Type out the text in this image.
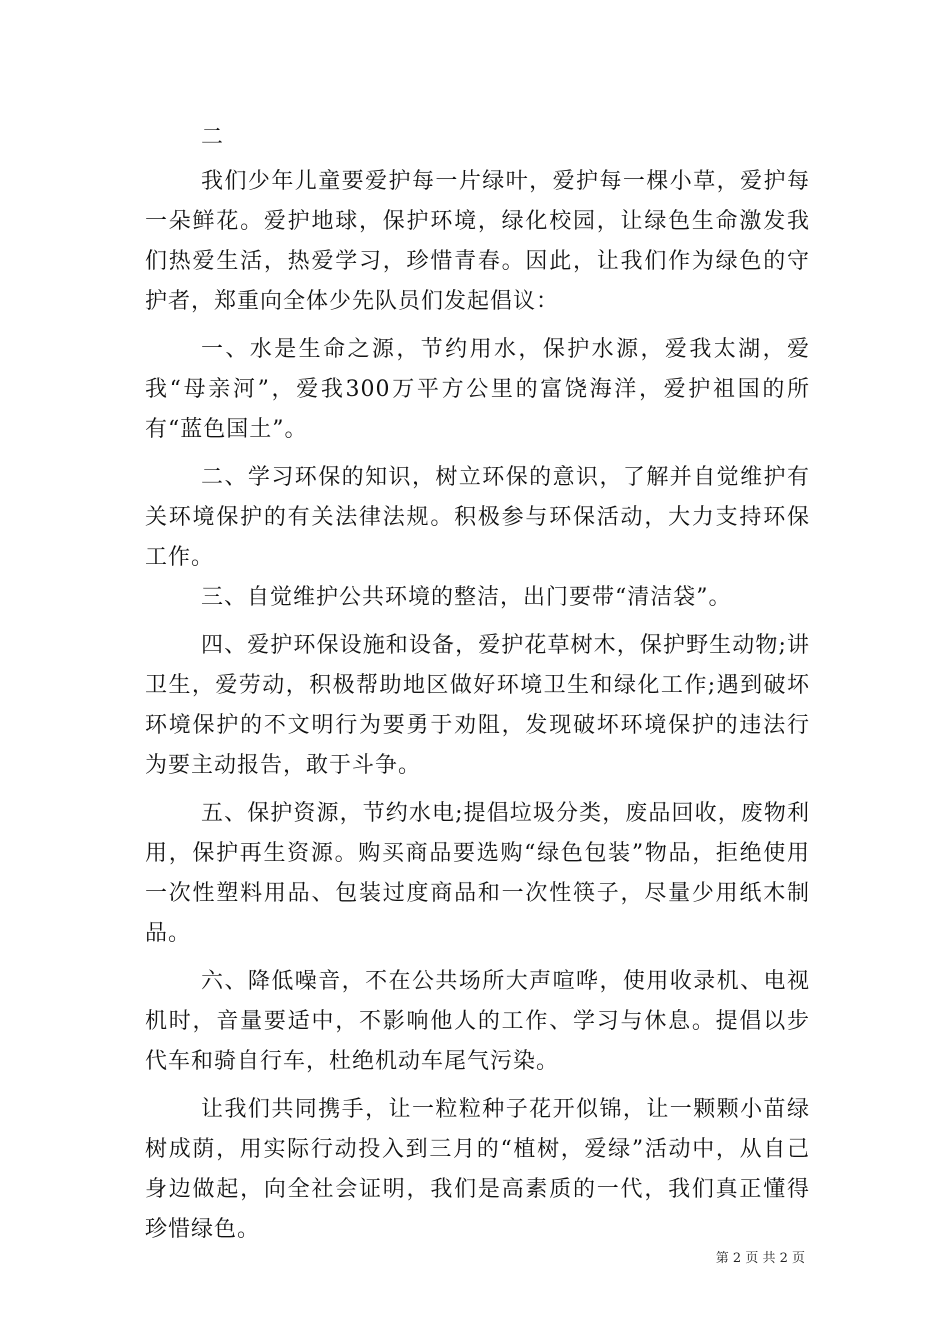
二

我们少年儿童要爱护每一片绿叶，爱护每一棵小草，爱护每一朵鲜花。爱护地球，保护环境，绿化校园，让绿色生命激发我们热爱生活，热爱学习，珍惜青春。因此，让我们作为绿色的守护者，郑重向全体少先队员们发起倡议：

一、水是生命之源，节约用水，保护水源，爱我太湖，爱我“母亲河”，爱我300万平方公里的富饶海洋，爱护祖国的所有“蓝色国土”。

二、学习环保的知识，树立环保的意识，了解并自觉维护有关环境保护的有关法律法规。积极参与环保活动，大力支持环保工作。

三、自觉维护公共环境的整洁，出门要带“清洁袋”。

四、爱护环保设施和设备，爱护花草树木，保护野生动物;讲卫生，爱劳动，积极帮助地区做好环境卫生和绿化工作;遇到破坏环境保护的不文明行为要勇于劝阻，发现破坏环境保护的违法行为要主动报告，敢于斗争。

五、保护资源，节约水电;提倡垃圾分类，废品回收，废物利用，保护再生资源。购买商品要选购“绿色包装”物品，拒绝使用一次性塑料用品、包装过度商品和一次性筷子，尽量少用纸木制品。

六、降低噪音，不在公共场所大声喧哗，使用收录机、电视机时，音量要适中，不影响他人的工作、学习与休息。提倡以步代车和骑自行车，杜绝机动车尾气污染。

让我们共同携手，让一粒粒种子花开似锦，让一颗颗小苗绿树成荫，用实际行动投入到三月的“植树，爱绿”活动中，从自己身边做起，向全社会证明，我们是高素质的一代，我们真正懂得珍惜绿色。

第 2 页 共 2 页
